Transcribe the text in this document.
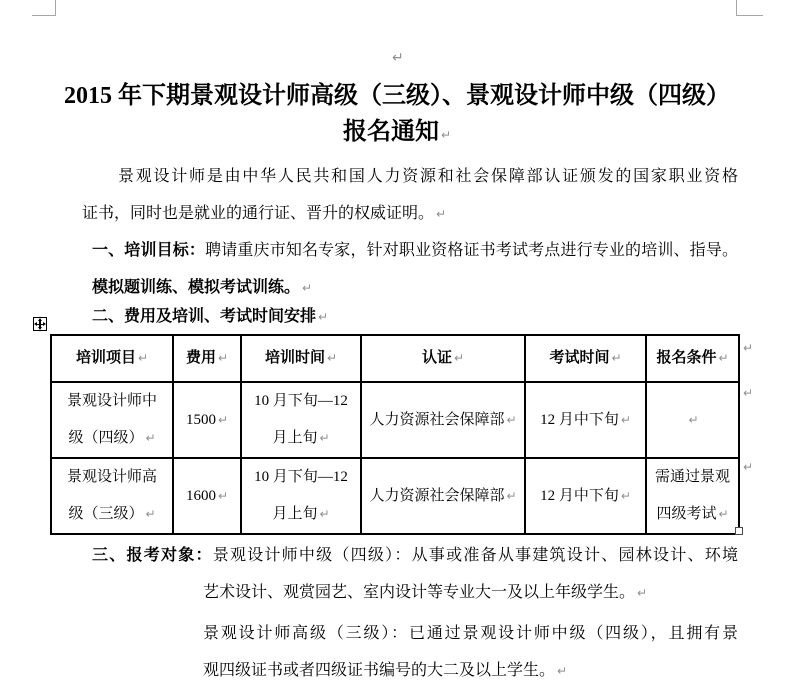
↵
2015 年下期景观设计师高级（三级）、景观设计师中级（四级）
报名通知 ↵
景观设计师是由中华人民共和国人力资源和社会保障部认证颁发的国家职业资格
证书，同时也是就业的通行证、晋升的权威证明。 ↵
一、培训目标：聘请重庆市知名专家，针对职业资格证书考试考点进行专业的培训、指导。
模拟题训练、模拟考试训练。 ↵
二、费用及培训、考试时间安排 ↵
培训项目 ↵	费用 ↵	培训时间 ↵	认证 ↵	考试时间 ↵	报名条件 ↵
景观设计师中级（四级） ↵	1500 ↵	10 月下旬—12 月上旬 ↵	人力资源社会保障部 ↵	12 月中下旬 ↵	↵
景观设计师高级（三级） ↵	1600 ↵	10 月下旬—12 月上旬 ↵	人力资源社会保障部 ↵	12 月中下旬 ↵	需通过景观四级考试 ↵
↵
↵
↵
三、报考对象：景观设计师中级（四级）：从事或准备从事建筑设计、园林设计、环境
艺术设计、观赏园艺、室内设计等专业大一及以上年级学生。 ↵
景观设计师高级（三级）：已通过景观设计师中级（四级），且拥有景
观四级证书或者四级证书编号的大二及以上学生。 ↵
